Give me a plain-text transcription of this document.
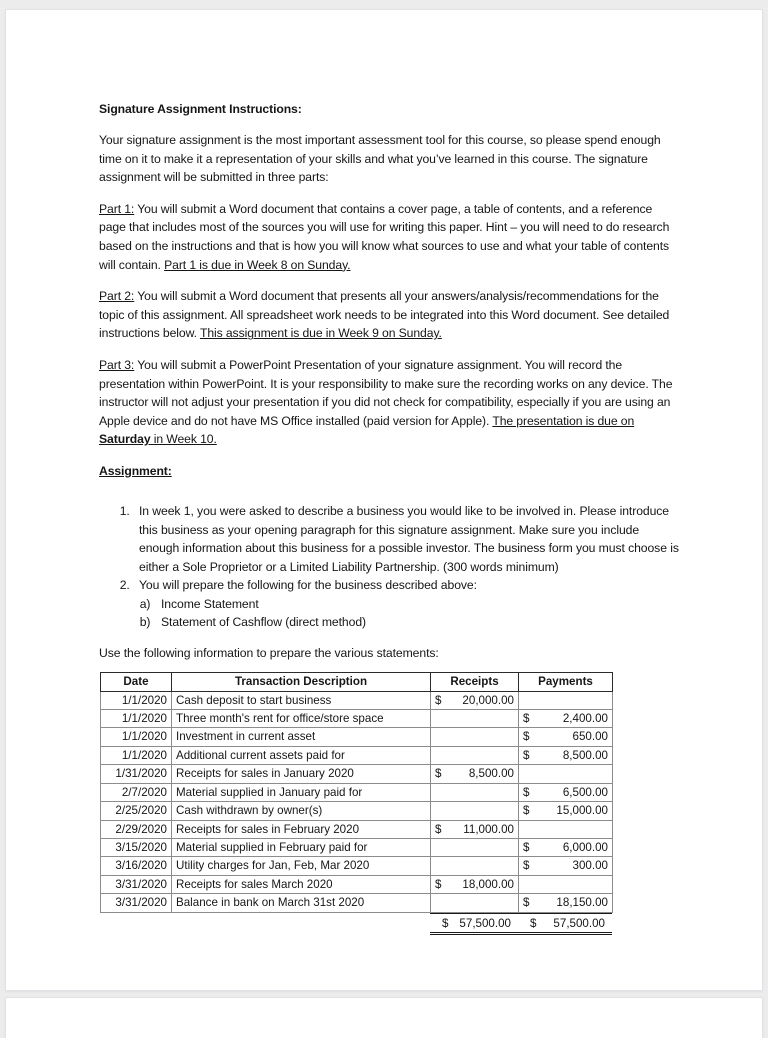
Signature Assignment Instructions:

Your signature assignment is the most important assessment tool for this course, so please spend enough time on it to make it a representation of your skills and what you’ve learned in this course. The signature assignment will be submitted in three parts:

Part 1: You will submit a Word document that contains a cover page, a table of contents, and a reference page that includes most of the sources you will use for writing this paper. Hint – you will need to do research based on the instructions and that is how you will know what sources to use and what your table of contents will contain. Part 1 is due in Week 8 on Sunday.

Part 2: You will submit a Word document that presents all your answers/analysis/recommendations for the topic of this assignment. All spreadsheet work needs to be integrated into this Word document. See detailed instructions below. This assignment is due in Week 9 on Sunday.

Part 3: You will submit a PowerPoint Presentation of your signature assignment. You will record the presentation within PowerPoint. It is your responsibility to make sure the recording works on any device. The instructor will not adjust your presentation if you did not check for compatibility, especially if you are using an Apple device and do not have MS Office installed (paid version for Apple). The presentation is due on Saturday in Week 10.

Assignment:
1. In week 1, you were asked to describe a business you would like to be involved in. Please introduce this business as your opening paragraph for this signature assignment. Make sure you include enough information about this business for a possible investor. The business form you must choose is either a Sole Proprietor or a Limited Liability Partnership. (300 words minimum)
2. You will prepare the following for the business described above:
a. Income Statement
b. Statement of Cashflow (direct method)

Use the following information to prepare the various statements:

Date	Transaction Description	Receipts	Payments
1/1/2020	Cash deposit to start business	$ 20,000.00	

1/1/2020	Three month's rent for office/store space		$ 2,400.00

1/1/2020	Investment in current asset		$ 650.00

1/1/2020	Additional current assets paid for		$ 8,500.00

1/31/2020	Receipts for sales in January 2020	$ 8,500.00	

2/7/2020	Material supplied in January paid for		$ 6,500.00

2/25/2020	Cash withdrawn by owner(s)		$ 15,000.00

2/29/2020	Receipts for sales in February 2020	$ 11,000.00	

3/15/2020	Material supplied in February paid for		$ 6,000.00

3/16/2020	Utility charges for Jan, Feb, Mar 2020		$ 300.00

3/31/2020	Receipts for sales March 2020	$ 18,000.00	

3/31/2020	Balance in bank on March 31st 2020		$ 18,150.00
$ 57,500.00 $ 57,500.00
